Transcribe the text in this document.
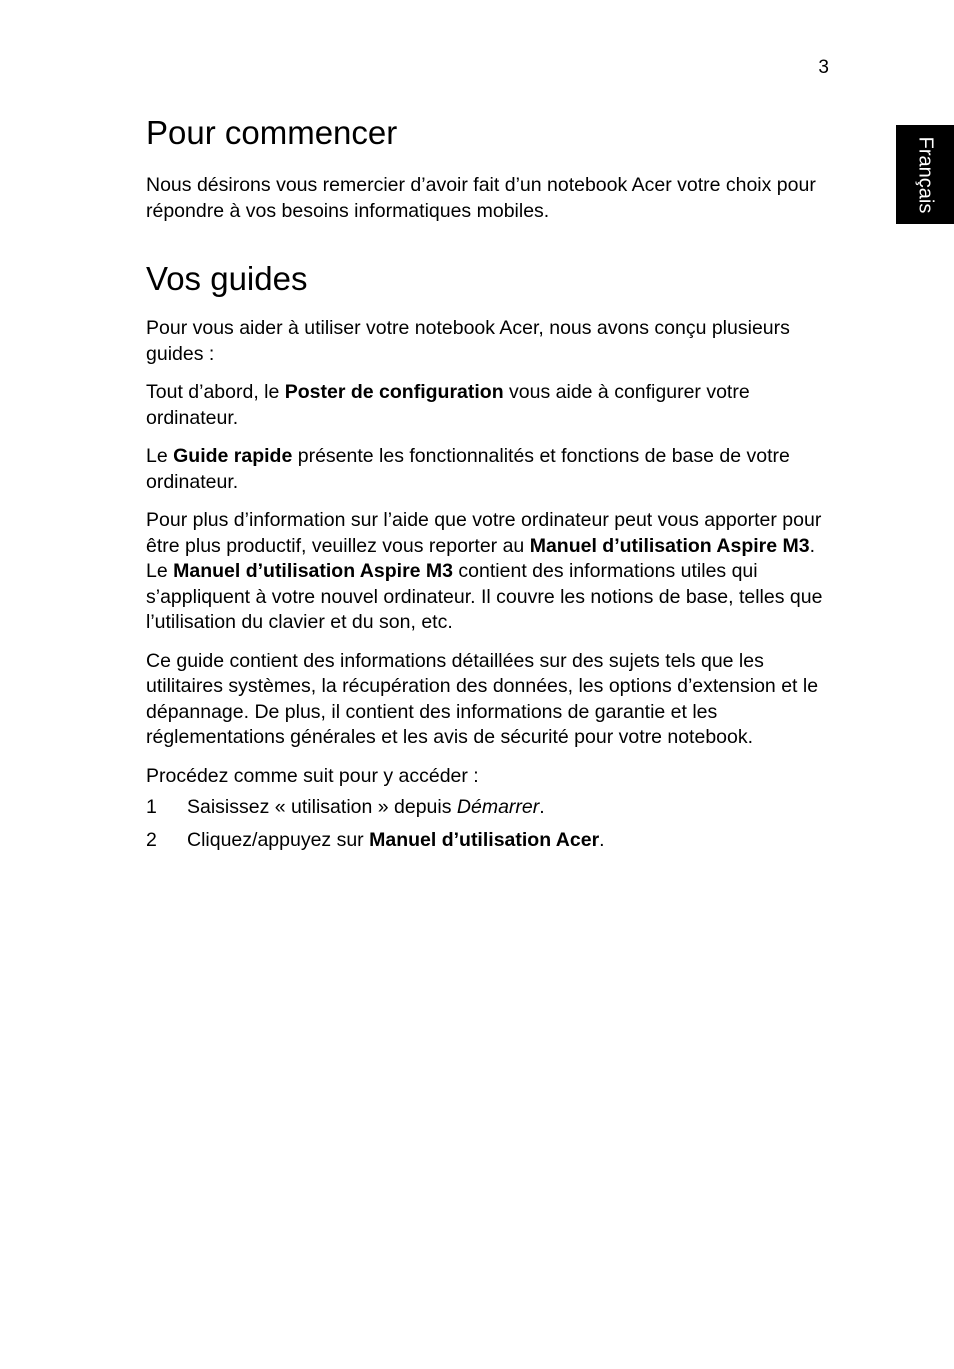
3
Français
Pour commencer

Nous désirons vous remercier d’avoir fait d’un notebook Acer votre choix pour répondre à vos besoins informatiques mobiles.

Vos guides

Pour vous aider à utiliser votre notebook Acer, nous avons conçu plusieurs guides :

Tout d’abord, le Poster de configuration vous aide à configurer votre ordinateur.

Le Guide rapide présente les fonctionnalités et fonctions de base de votre ordinateur.

Pour plus d’information sur l’aide que votre ordinateur peut vous apporter pour être plus productif, veuillez vous reporter au Manuel d’utilisation Aspire M3. Le Manuel d’utilisation Aspire M3 contient des informations utiles qui s’appliquent à votre nouvel ordinateur. Il couvre les notions de base, telles que l’utilisation du clavier et du son, etc.

Ce guide contient des informations détaillées sur des sujets tels que les utilitaires systèmes, la récupération des données, les options d’extension et le dépannage. De plus, il contient des informations de garantie et les réglementations générales et les avis de sécurité pour votre notebook.

Procédez comme suit pour y accéder :

1	Saisissez « utilisation » depuis Démarrer.
2	Cliquez/appuyez sur Manuel d’utilisation Acer.
